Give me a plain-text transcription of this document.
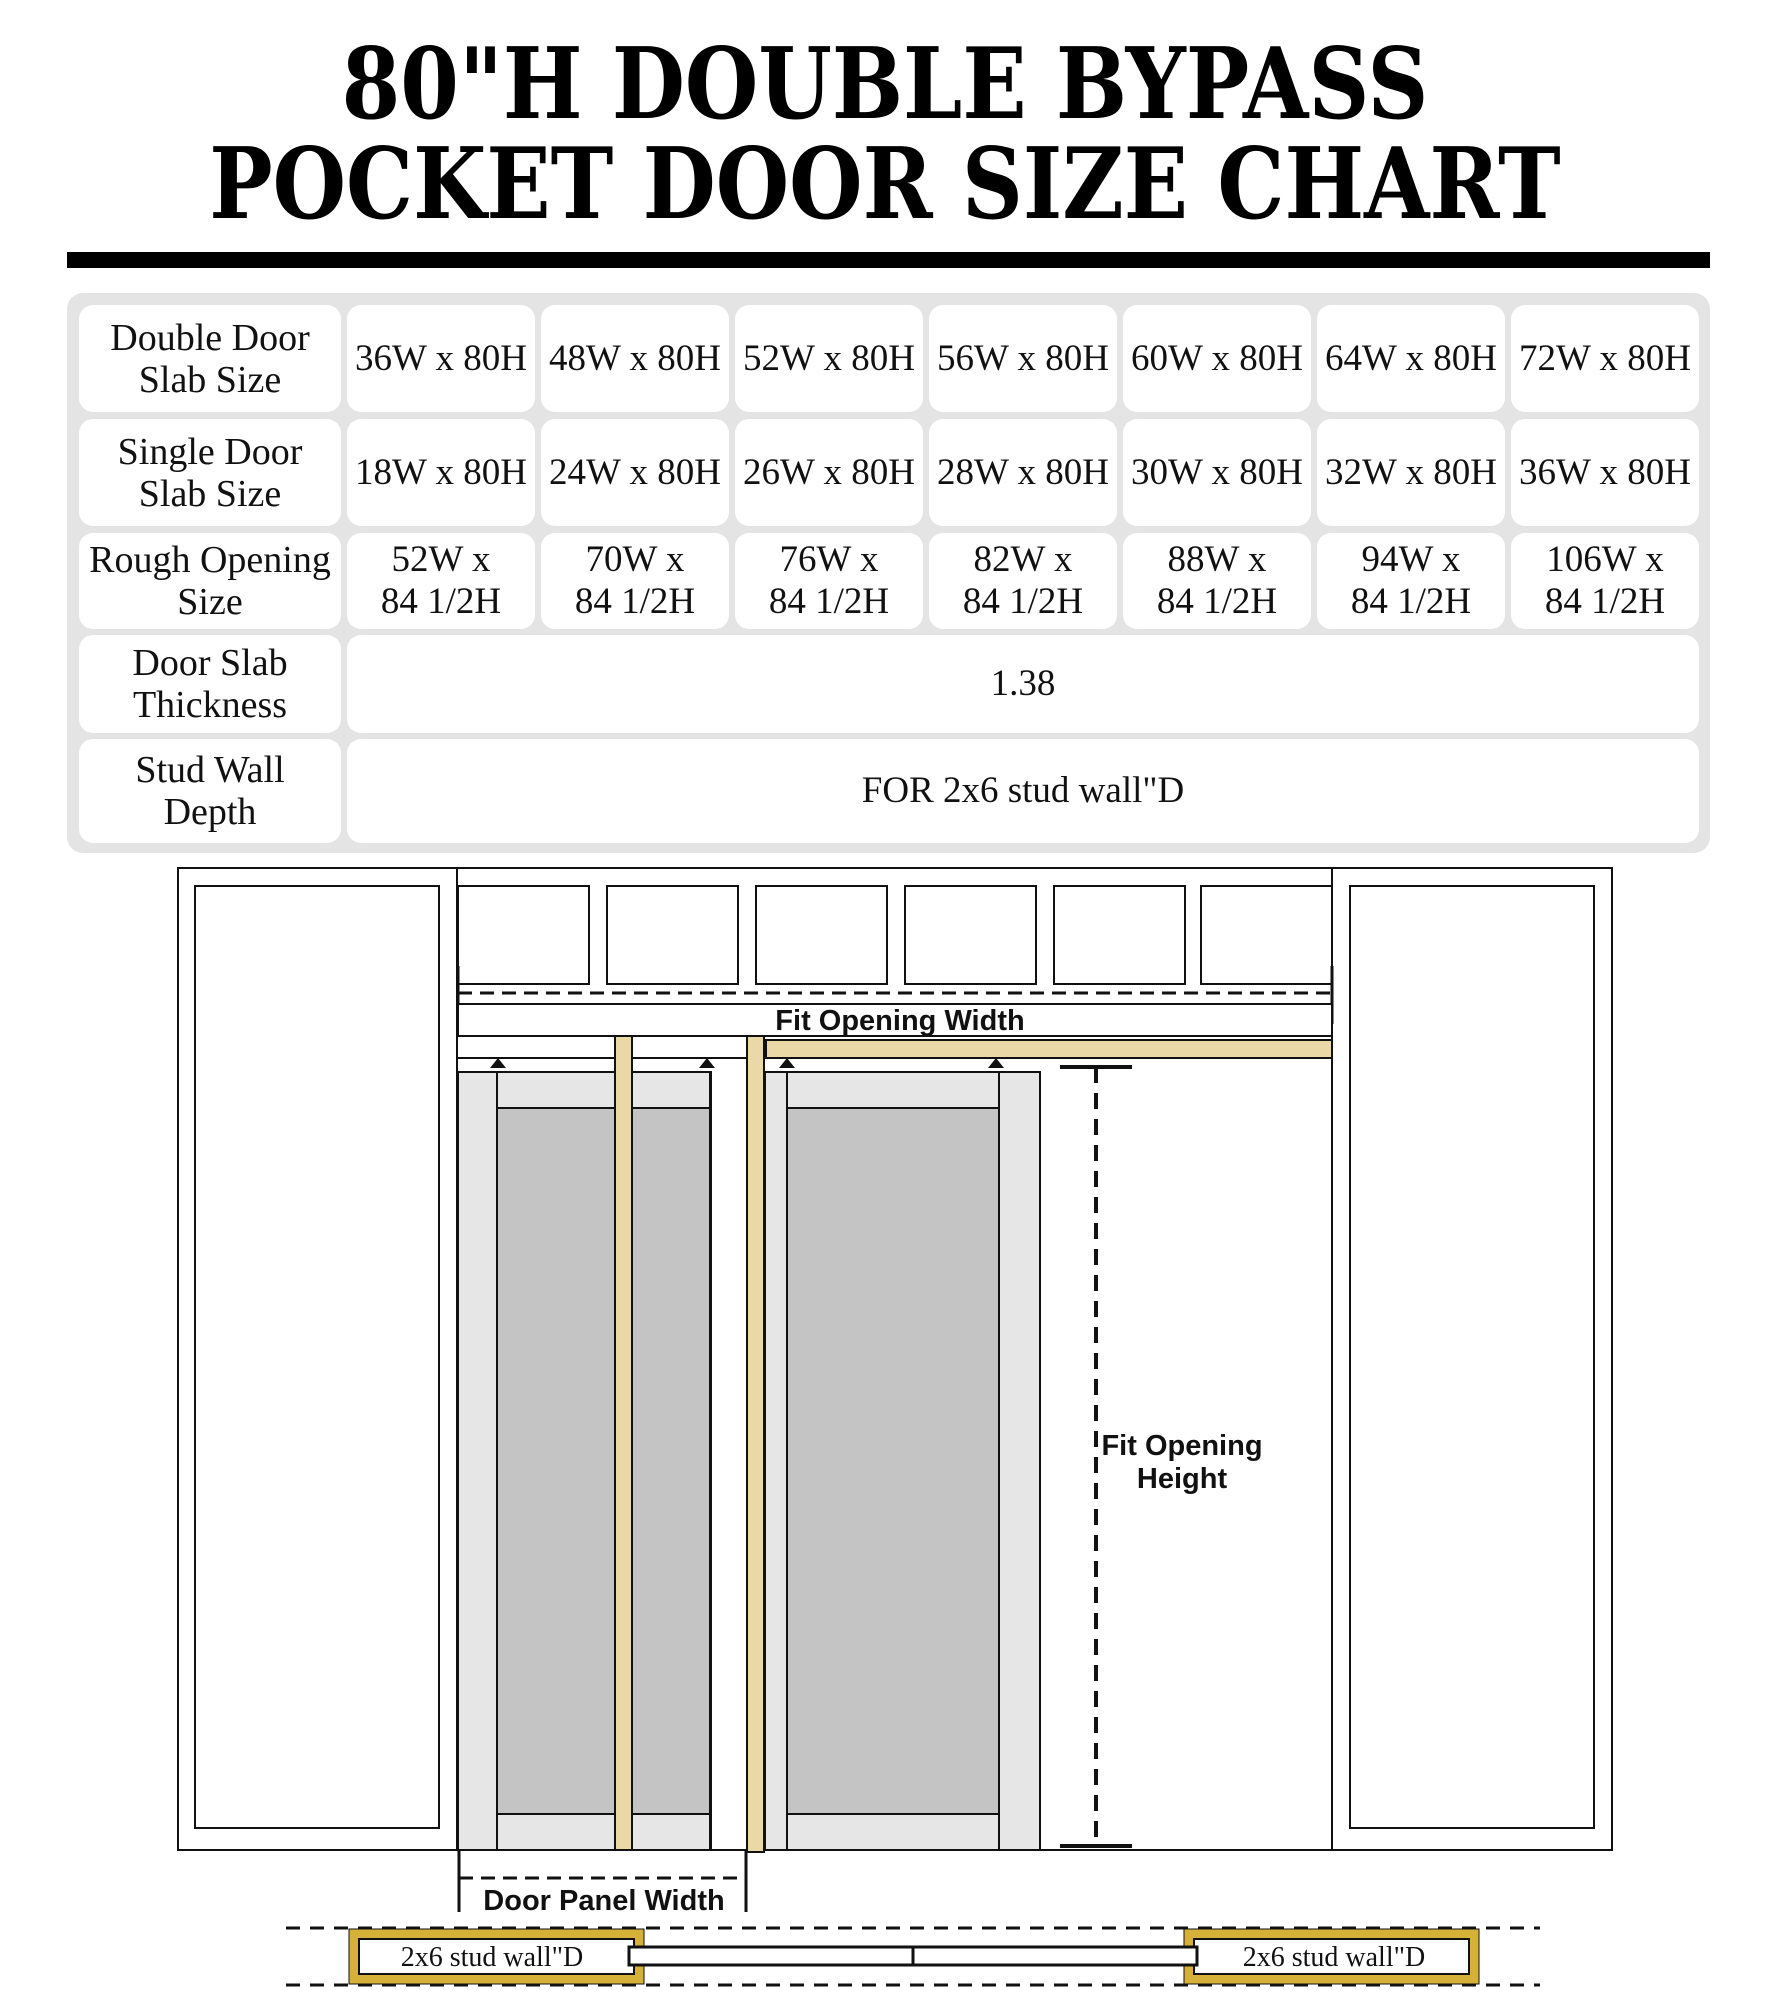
80"H DOUBLE BYPASS
POCKET DOOR SIZE CHART
Double Door
Slab Size
36W x 80H 48W x 80H 52W x 80H 56W x 80H 60W x 80H 64W x 80H 72W x 80H
Single Door
Slab Size
18W x 80H 24W x 80H 26W x 80H 28W x 80H 30W x 80H 32W x 80H 36W x 80H
Rough Opening
Size
52W x
84 1/2H
70W x
84 1/2H
76W x
84 1/2H
82W x
84 1/2H
88W x
84 1/2H
94W x
84 1/2H
106W x
84 1/2H
Door Slab
Thickness
1.38
Stud Wall
Depth
FOR 2x6 stud wall"D
Fit Opening Width
Fit Opening
Height
Door Panel Width
2x6 stud wall"D	2x6 stud wall"D
